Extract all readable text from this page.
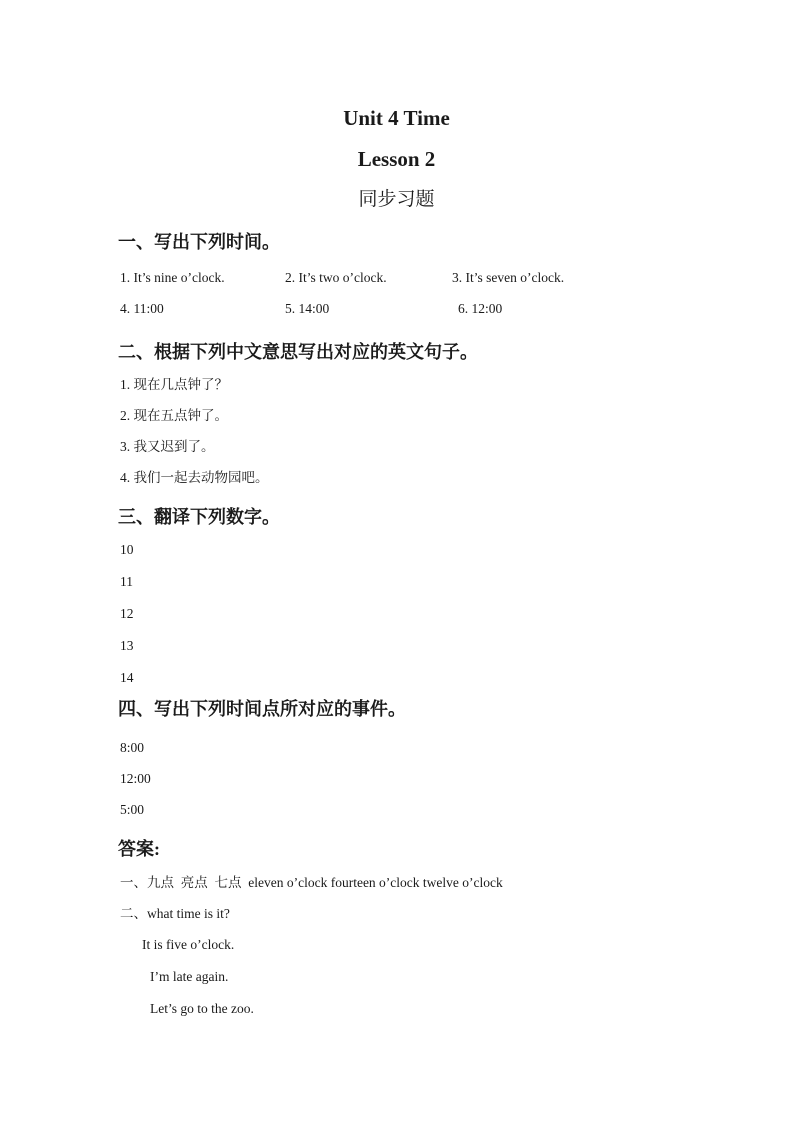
Unit 4 Time
Lesson 2
同步习题
一、写出下列时间。
1. It’s nine o’clock.	2. It’s two o’clock.	3. It’s seven o’clock.
4. 11:00	5. 14:00	6. 12:00
二、根据下列中文意思写出对应的英文句子。
1. 现在几点钟了？
2. 现在五点钟了。
3. 我又迟到了。
4. 我们一起去动物园吧。
三、翻译下列数字。
10
11
12
13
14
四、写出下列时间点所对应的事件。
8:00
12:00
5:00
答案:
一、九点  亮点  七点  eleven o’clock fourteen o’clock twelve o’clock
二、what time is it?
It is five o’clock.
I’m late again.
Let’s go to the zoo.
